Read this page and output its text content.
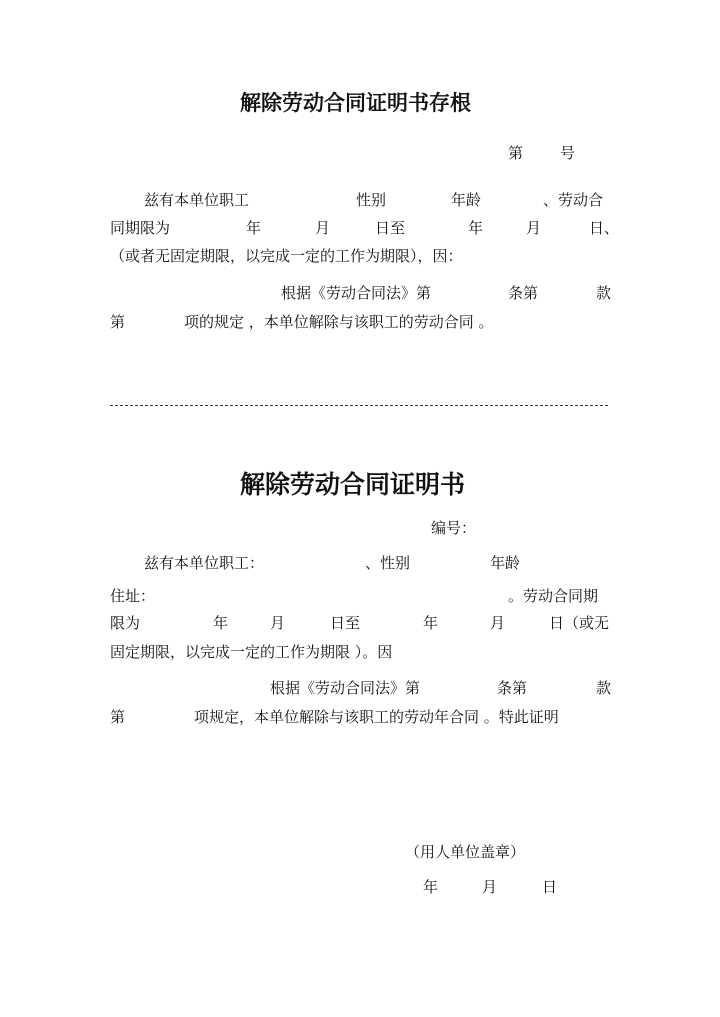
解除劳动合同证明书存根
第 号
兹有本单位职工	性别	年龄	、劳动合
同期限为	年	月	日至	年	月	日、
（或者无固定期限，以完成一定的工作为期限），因：
根据《劳动合同法》第	条第	款
第	项的规定 ，本单位解除与该职工的劳动合同 。
解除劳动合同证明书
编号：
兹有本单位职工：	、性别	年龄
住址：	。劳动合同期
限为	年	月	日至	年	月	日（或无
固定期限，以完成一定的工作为期限 ）。因
根据《劳动合同法》第	条第	款
第	项规定，本单位解除与该职工的劳动年合同 。特此证明
（用人单位盖章）
年	月	日
